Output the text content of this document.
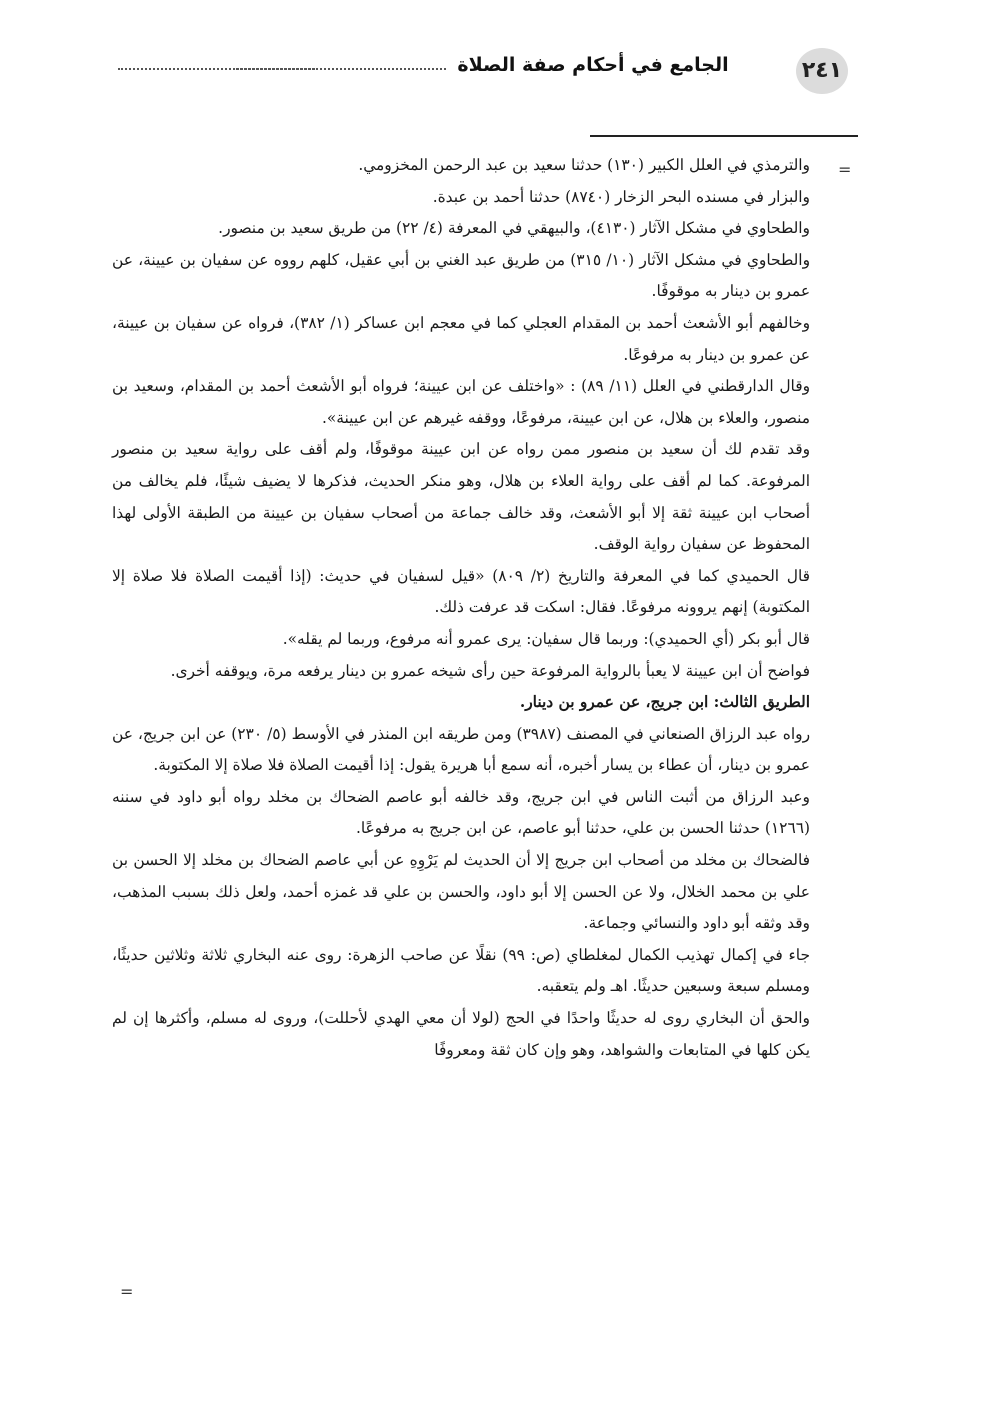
٢٤١
الجامع في أحكام صفة الصلاة
=

والترمذي في العلل الكبير (١٣٠) حدثنا سعيد بن عبد الرحمن المخزومي.

والبزار في مسنده البحر الزخار (٨٧٤٠) حدثنا أحمد بن عبدة.

والطحاوي في مشكل الآثار (٤١٣٠)، والبيهقي في المعرفة (٤/ ٢٢) من طريق سعيد بن منصور.

والطحاوي في مشكل الآثار (١٠/ ٣١٥) من طريق عبد الغني بن أبي عقيل، كلهم رووه عن سفيان بن عيينة، عن عمرو بن دينار به موقوفًا.

وخالفهم أبو الأشعث أحمد بن المقدام العجلي كما في معجم ابن عساكر (١/ ٣٨٢)، فرواه عن سفيان بن عيينة، عن عمرو بن دينار به مرفوعًا.

وقال الدارقطني في العلل (١١/ ٨٩) : «واختلف عن ابن عيينة؛ فرواه أبو الأشعث أحمد بن المقدام، وسعيد بن منصور، والعلاء بن هلال، عن ابن عيينة، مرفوعًا، ووقفه غيرهم عن ابن عيينة».

وقد تقدم لك أن سعيد بن منصور ممن رواه عن ابن عيينة موقوفًا، ولم أقف على رواية سعيد بن منصور المرفوعة. كما لم أقف على رواية العلاء بن هلال، وهو منكر الحديث، فذكرها لا يضيف شيئًا، فلم يخالف من أصحاب ابن عيينة ثقة إلا أبو الأشعث، وقد خالف جماعة من أصحاب سفيان بن عيينة من الطبقة الأولى لهذا المحفوظ عن سفيان رواية الوقف.

قال الحميدي كما في المعرفة والتاريخ (٢/ ٨٠٩) «قيل لسفيان في حديث: (إذا أقيمت الصلاة فلا صلاة إلا المكتوبة) إنهم يروونه مرفوعًا. فقال: اسكت قد عرفت ذلك.

قال أبو بكر (أي الحميدي): وربما قال سفيان: يرى عمرو أنه مرفوع، وربما لم يقله».

فواضح أن ابن عيينة لا يعبأ بالرواية المرفوعة حين رأى شيخه عمرو بن دينار يرفعه مرة، ويوقفه أخرى.

الطريق الثالث: ابن جريج، عن عمرو بن دينار.

رواه عبد الرزاق الصنعاني في المصنف (٣٩٨٧) ومن طريقه ابن المنذر في الأوسط (٥/ ٢٣٠) عن ابن جريج، عن عمرو بن دينار، أن عطاء بن يسار أخبره، أنه سمع أبا هريرة يقول: إذا أقيمت الصلاة فلا صلاة إلا المكتوبة.

وعبد الرزاق من أثبت الناس في ابن جريج، وقد خالفه أبو عاصم الضحاك بن مخلد رواه أبو داود في سننه (١٢٦٦) حدثنا الحسن بن علي، حدثنا أبو عاصم، عن ابن جريج به مرفوعًا.

فالضحاك بن مخلد من أصحاب ابن جريج إلا أن الحديث لم يَرْوِهِ عن أبي عاصم الضحاك بن مخلد إلا الحسن بن علي بن محمد الخلال، ولا عن الحسن إلا أبو داود، والحسن بن علي قد غمزه أحمد، ولعل ذلك بسبب المذهب، وقد وثقه أبو داود والنسائي وجماعة.

جاء في إكمال تهذيب الكمال لمغلطاي (ص: ٩٩) نقلًا عن صاحب الزهرة: روى عنه البخاري ثلاثة وثلاثين حديثًا، ومسلم سبعة وسبعين حديثًا. اهـ ولم يتعقبه.

والحق أن البخاري روى له حديثًا واحدًا في الحج (لولا أن معي الهدي لأحللت)، وروى له مسلم، وأكثرها إن لم يكن كلها في المتابعات والشواهد، وهو وإن كان ثقة ومعروفًا

=
